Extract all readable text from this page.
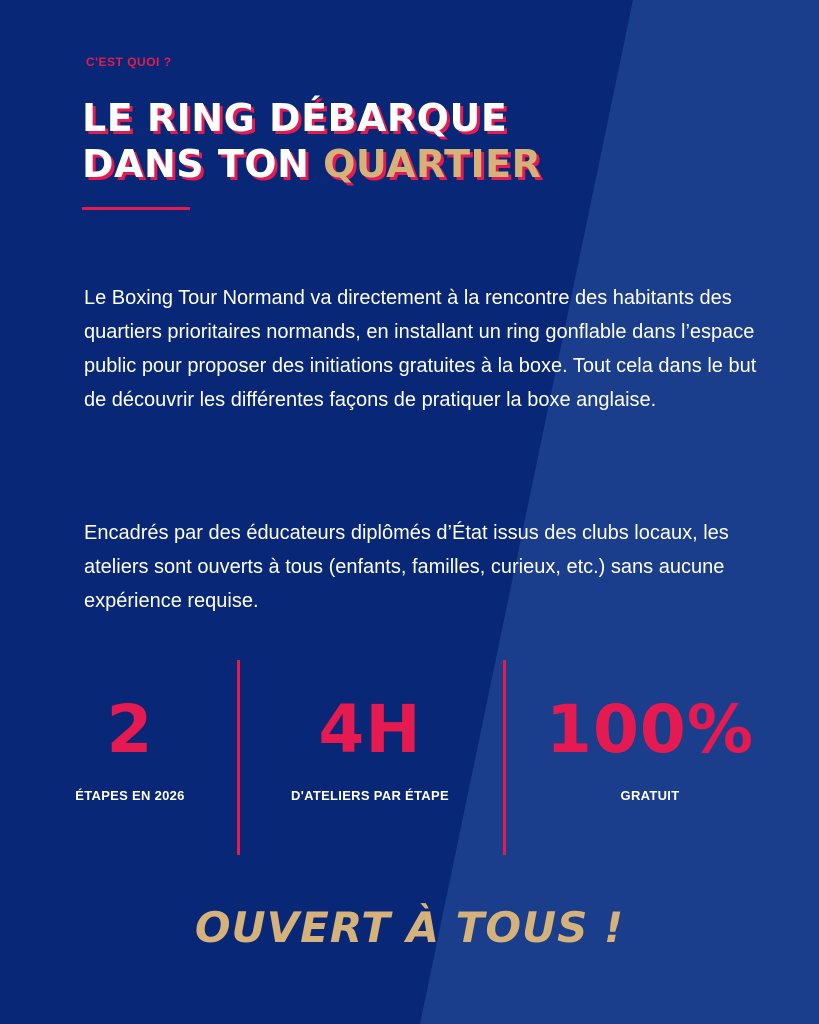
C'EST QUOI ?
LE RING DÉBARQUE
DANS TON QUARTIER

Le Boxing Tour Normand va directement à la rencontre des habitants des quartiers prioritaires normands, en installant un ring gonflable dans l’espace public pour proposer des initiations gratuites à la boxe. Tout cela dans le but de découvrir les différentes façons de pratiquer la boxe anglaise.

Encadrés par des éducateurs diplômés d’État issus des clubs locaux, les ateliers sont ouverts à tous (enfants, familles, curieux, etc.) sans aucune expérience requise.

2
ÉTAPES EN 2026
4H
D'ATELIERS PAR ÉTAPE
100%
GRATUIT
OUVERT À TOUS !
